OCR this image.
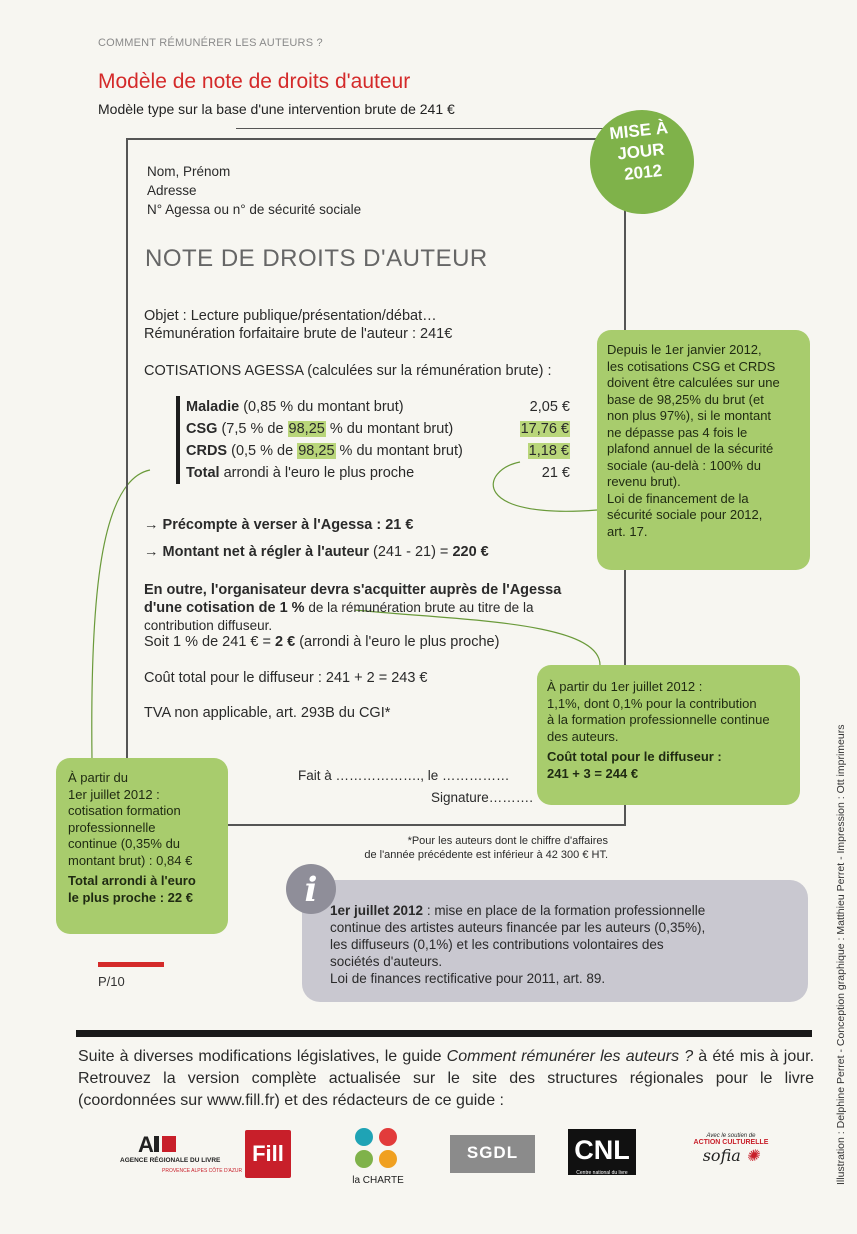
COMMENT RÉMUNÉRER LES AUTEURS ?
Modèle de note de droits d'auteur
Modèle type sur la base d'une intervention brute de 241 €
Nom, Prénom
Adresse
N° Agessa ou n° de sécurité sociale
NOTE DE DROITS D'AUTEUR
Objet : Lecture publique/présentation/débat…
Rémunération forfaitaire brute de l'auteur : 241€
COTISATIONS AGESSA (calculées sur la rémunération brute) :
Maladie (0,85 % du montant brut)	2,05 €
CSG (7,5 % de 98,25 % du montant brut)	17,76 €
CRDS (0,5 % de 98,25 % du montant brut)	1,18 €
Total arrondi à l'euro le plus proche	21 €
→ Précompte à verser à l'Agessa : 21 €
→ Montant net à régler à l'auteur (241 - 21) = 220 €
En outre, l'organisateur devra s'acquitter auprès de l'Agessa
d'une cotisation de 1 % de la rémunération brute au titre de la
contribution diffuseur.
Soit 1 % de 241 € = 2 € (arrondi à l'euro le plus proche)
Coût total pour le diffuseur : 241 + 2 = 243 €
TVA non applicable, art. 293B du CGI*
Fait à ………………., le ……………
Signature……….
*Pour les auteurs dont le chiffre d'affaires
de l'année précédente est inférieur à 42 300 € HT.
MISE À
JOUR
2012
Depuis le 1er janvier 2012,
les cotisations CSG et CRDS
doivent être calculées sur une
base de 98,25% du brut (et
non plus 97%), si le montant
ne dépasse pas 4 fois le
plafond annuel de la sécurité
sociale (au-delà : 100% du
revenu brut).
Loi de financement de la
sécurité sociale pour 2012,
art. 17.
À partir du 1er juillet 2012 :
1,1%, dont 0,1% pour la contribution
à la formation professionnelle continue
des auteurs.
Coût total pour le diffuseur :
241 + 3 = 244 €
À partir du
1er juillet 2012 :
cotisation formation
professionnelle
continue (0,35% du
montant brut) : 0,84 €
Total arrondi à l'euro
le plus proche : 22 €
1er juillet 2012 : mise en place de la formation professionnelle
continue des artistes auteurs financée par les auteurs (0,35%),
les diffuseurs (0,1%) et les contributions volontaires des
sociétés d'auteurs.
Loi de finances rectificative pour 2011, art. 89.
i
P/10
Suite à diverses modifications législatives, le guide Comment rémunérer les auteurs ? à été mis à jour. Retrouvez la version complète actualisée sur le site des structures régionales pour le livre (coordonnées sur www.fill.fr) et des rédacteurs de ce guide :
A
AGENCE RÉGIONALE DU LIVRE
PROVENCE ALPES CÔTE D'AZUR
Fill
la CHARTE
SGDL	CNL
Centre national du livre
Avec le soutien de
ACTION CULTURELLE
sofia ✺	Illustration : Delphine Perret - Conception graphique : Matthieu Perret - Impression : Ott imprimeurs
